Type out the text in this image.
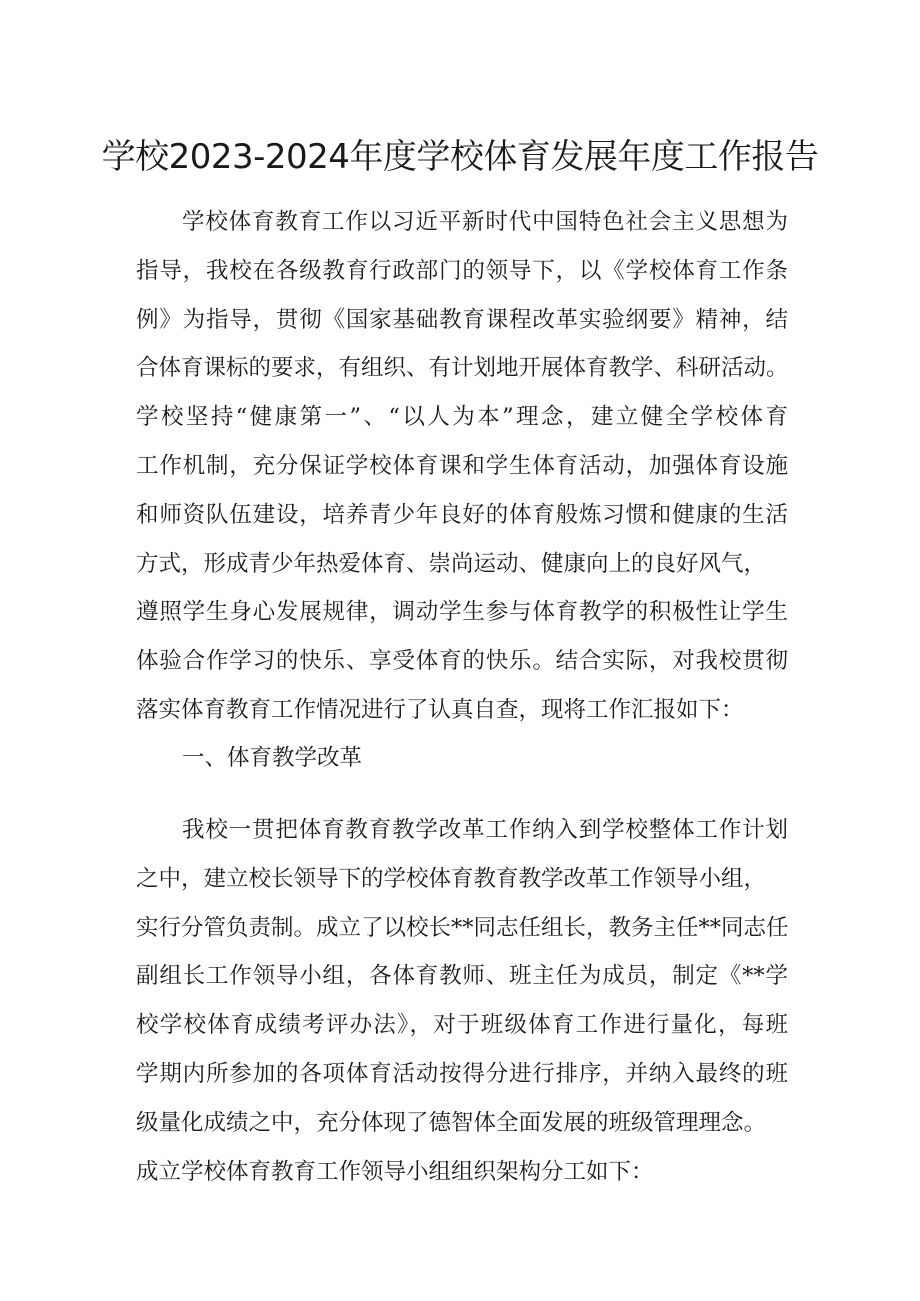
学校2023-2024年度学校体育发展年度工作报告
学校体育教育工作以习近平新时代中国特色社会主义思想为
指导，我校在各级教育行政部门的领导下，以《学校体育工作条
例》为指导，贯彻《国家基础教育课程改革实验纲要》精神，结
合体育课标的要求，有组织、有计划地开展体育教学、科研活动。
学校坚持“健康第一”、“以人为本”理念，建立健全学校体育
工作机制，充分保证学校体育课和学生体育活动，加强体育设施
和师资队伍建设，培养青少年良好的体育般炼习惯和健康的生活
方式，形成青少年热爱体育、崇尚运动、健康向上的良好风气，
遵照学生身心发展规律，调动学生参与体育教学的积极性让学生
体验合作学习的快乐、享受体育的快乐。结合实际，对我校贯彻
落实体育教育工作情况进行了认真自查，现将工作汇报如下：
一、体育教学改革
我校一贯把体育教育教学改革工作纳入到学校整体工作计划
之中，建立校长领导下的学校体育教育教学改革工作领导小组，
实行分管负责制。成立了以校长**同志任组长，教务主任**同志任
副组长工作领导小组，各体育教师、班主任为成员，制定《**学
校学校体育成绩考评办法》，对于班级体育工作进行量化，每班
学期内所参加的各项体育活动按得分进行排序，并纳入最终的班
级量化成绩之中，充分体现了德智体全面发展的班级管理理念。
成立学校体育教育工作领导小组组织架构分工如下：
